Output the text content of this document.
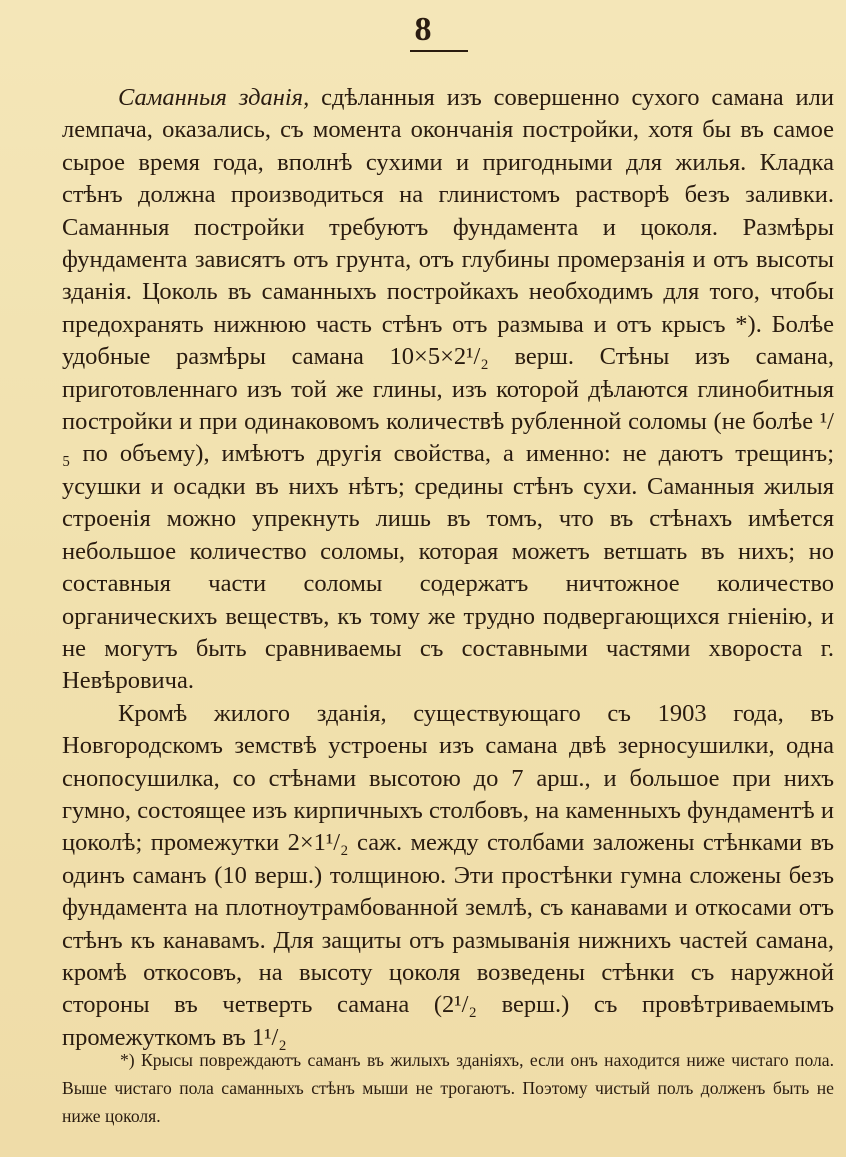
8

Саманныя зданія, сдѣланныя изъ совершенно сухого самана или лемпача, оказались, съ момента окончанія постройки, хотя бы въ самое сырое время года, вполнѣ сухими и пригодными для жилья. Кладка стѣнъ должна производиться на глинистомъ растворѣ безъ заливки. Саманныя постройки требуютъ фундамента и цоколя. Размѣры фундамента зависятъ отъ грунта, отъ глубины промерзанія и отъ высоты зданія. Цоколь въ саманныхъ постройкахъ необходимъ для того, чтобы предохранять нижнюю часть стѣнъ отъ размыва и отъ крысъ *). Болѣе удобные размѣры самана 10×5×2¹/₂ верш. Стѣны изъ самана, приготовленнаго изъ той же глины, изъ которой дѣлаются глинобитныя постройки и при одинаковомъ количествѣ рубленной соломы (не болѣе ¹/₅ по объему), имѣютъ другія свойства, а именно: не даютъ трещинъ; усушки и осадки въ нихъ нѣтъ; средины стѣнъ сухи. Саманныя жилыя строенія можно упрекнуть лишь въ томъ, что въ стѣнахъ имѣется небольшое количество соломы, которая можетъ ветшать въ нихъ; но составныя части соломы содержатъ ничтожное количество органическихъ веществъ, къ тому же трудно подвергающихся гніенію, и не могутъ быть сравниваемы съ составными частями хвороста г. Невѣровича.

Кромѣ жилого зданія, существующаго съ 1903 года, въ Новгородскомъ земствѣ устроены изъ самана двѣ зерносушилки, одна снопосушилка, со стѣнами высотою до 7 арш., и большое при нихъ гумно, состоящее изъ кирпичныхъ столбовъ, на каменныхъ фундаментѣ и цоколѣ; промежутки 2×1¹/₂ саж. между столбами заложены стѣнками въ одинъ саманъ (10 верш.) толщиною. Эти простѣнки гумна сложены безъ фундамента на плотноутрамбованной землѣ, съ канавами и откосами отъ стѣнъ къ канавамъ. Для защиты отъ размыванія нижнихъ частей самана, кромѣ откосовъ, на высоту цоколя возведены стѣнки съ наружной стороны въ четверть самана (2¹/₂ верш.) съ провѣтриваемымъ промежуткомъ въ 1¹/₂

*) Крысы повреждаютъ саманъ въ жилыхъ зданіяхъ, если онъ находится ниже чистаго пола. Выше чистаго пола саманныхъ стѣнъ мыши не трогаютъ. Поэтому чистый полъ долженъ быть не ниже цоколя.
